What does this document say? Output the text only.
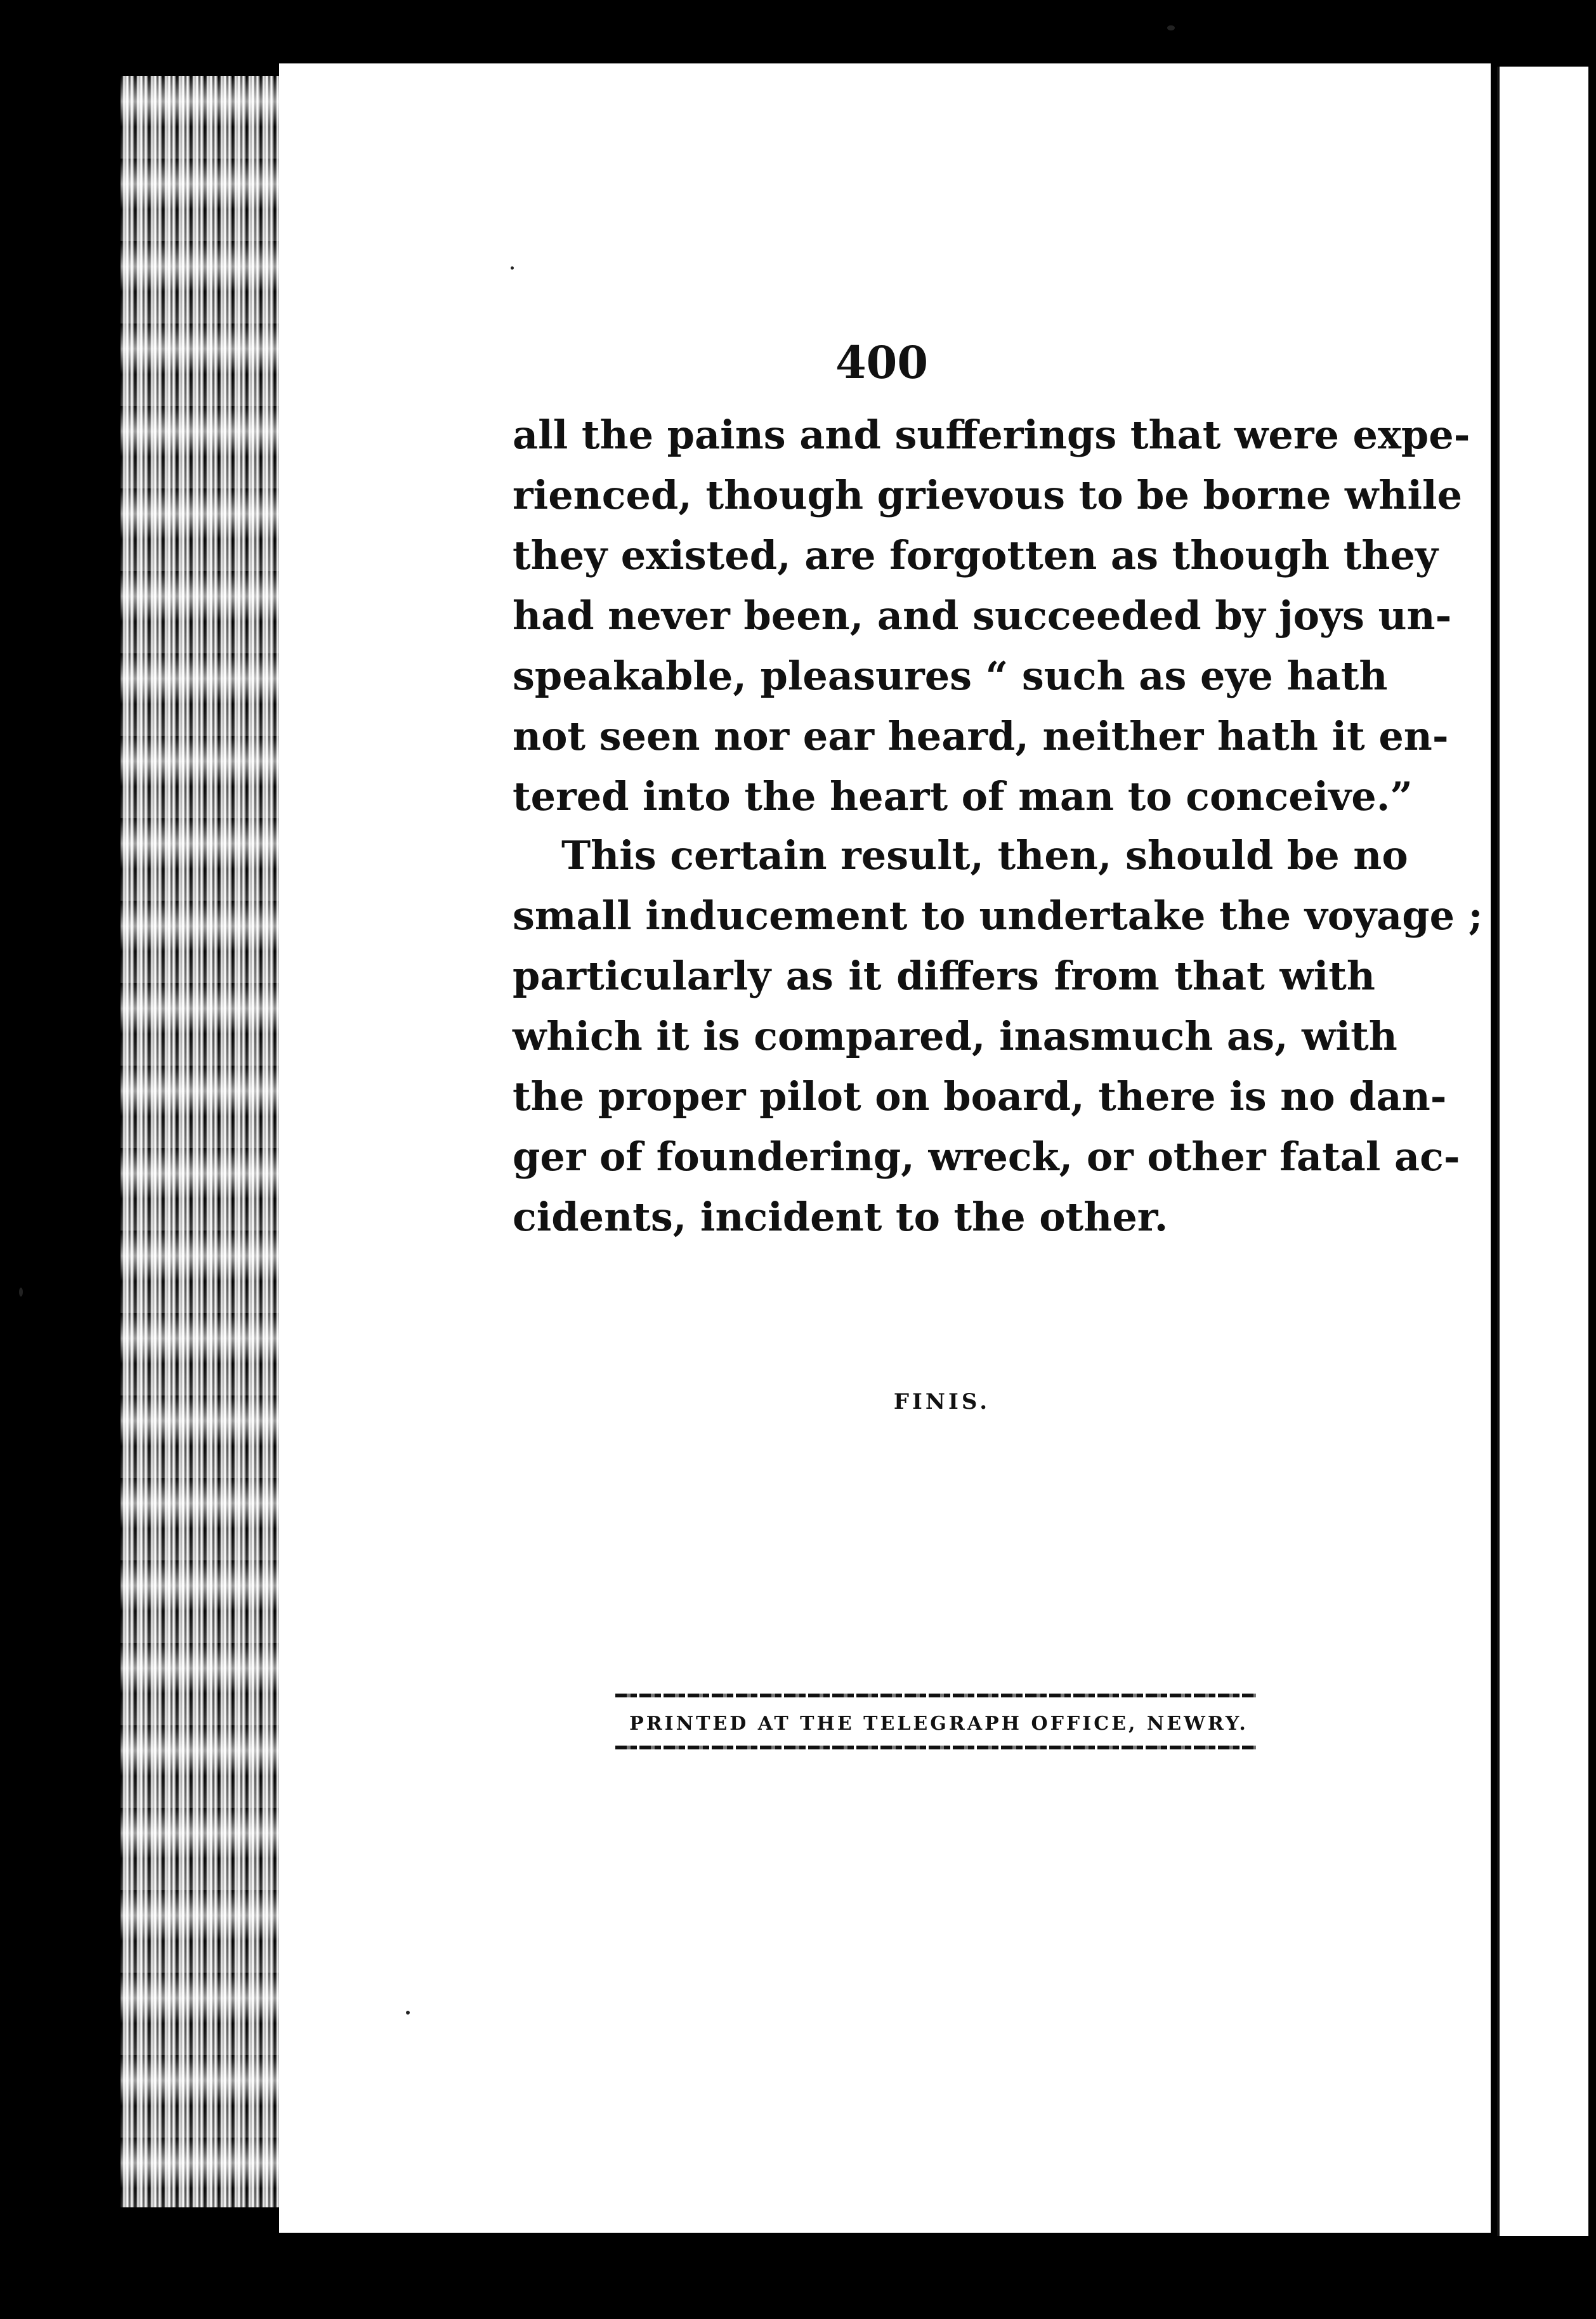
400
all the pains and sufferings that were expe-
rienced, though grievous to be borne while
they existed, are forgotten as though they
had never been, and succeeded by joys un-
speakable, pleasures “ such as eye hath
not seen nor ear heard, neither hath it en-
tered into the heart of man to conceive.”
This certain result, then, should be no
small inducement to undertake the voyage ;
particularly as it differs from that with
which it is compared, inasmuch as, with
the proper pilot on board, there is no dan-
ger of foundering, wreck, or other fatal ac-
cidents, incident to the other.
FINIS.
PRINTED AT THE TELEGRAPH OFFICE, NEWRY.
